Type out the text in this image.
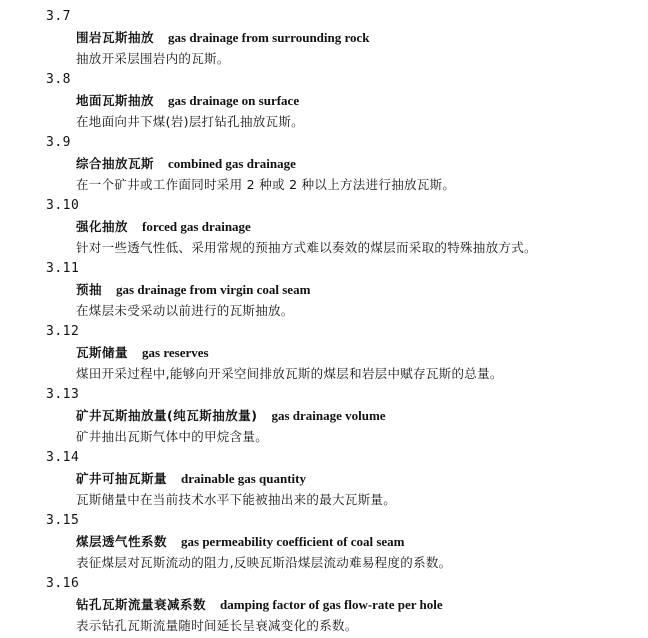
3.7
围岩瓦斯抽放 gas drainage from surrounding rock
抽放开采层围岩内的瓦斯。
3.8
地面瓦斯抽放 gas drainage on surface
在地面向井下煤(岩)层打钻孔抽放瓦斯。
3.9
综合抽放瓦斯 combined gas drainage
在一个矿井或工作面同时采用 2 种或 2 种以上方法进行抽放瓦斯。
3.10
强化抽放 forced gas drainage
针对一些透气性低、采用常规的预抽方式难以奏效的煤层而采取的特殊抽放方式。
3.11
预抽 gas drainage from virgin coal seam
在煤层未受采动以前进行的瓦斯抽放。
3.12
瓦斯储量 gas reserves
煤田开采过程中,能够向开采空间排放瓦斯的煤层和岩层中赋存瓦斯的总量。
3.13
矿井瓦斯抽放量(纯瓦斯抽放量) gas drainage volume
矿井抽出瓦斯气体中的甲烷含量。
3.14
矿井可抽瓦斯量 drainable gas quantity
瓦斯储量中在当前技术水平下能被抽出来的最大瓦斯量。
3.15
煤层透气性系数 gas permeability coefficient of coal seam
表征煤层对瓦斯流动的阻力,反映瓦斯沿煤层流动难易程度的系数。
3.16
钻孔瓦斯流量衰减系数 damping factor of gas flow-rate per hole
表示钻孔瓦斯流量随时间延长呈衰减变化的系数。
